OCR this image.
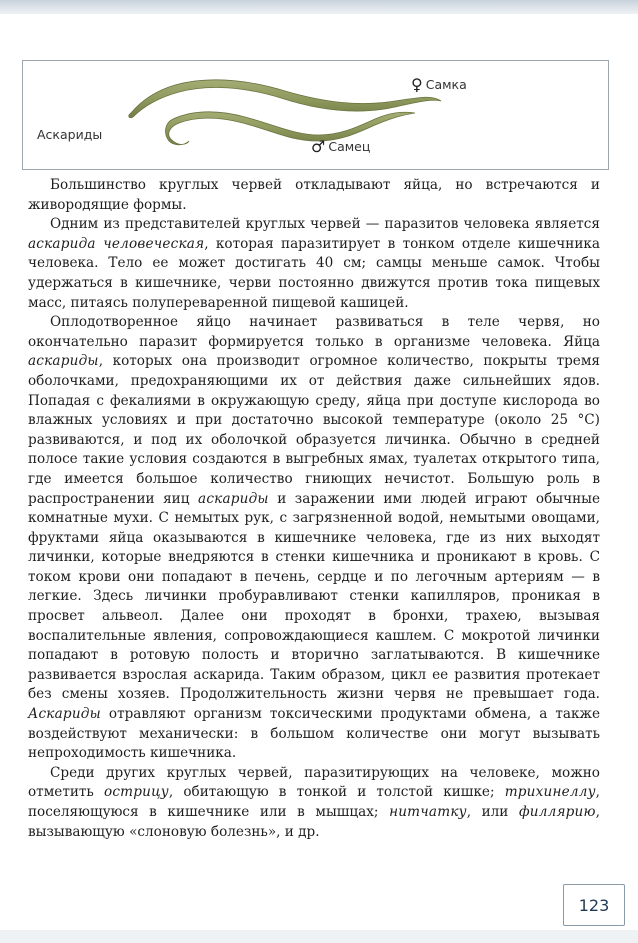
Аскариды
♀ Самка
♂ Самец

Большинство круглых червей откладывают яйца, но встречаются и живородящие формы.

Одним из представителей круглых червей — паразитов человека является аскарида человеческая, которая паразитирует в тонком отделе кишечника человека. Тело ее может достигать 40 см; самцы меньше самок. Чтобы удержаться в кишечнике, черви постоянно движутся против тока пищевых масс, питаясь полупереваренной пищевой кашицей.

Оплодотворенное яйцо начинает развиваться в теле червя, но окончательно паразит формируется только в организме человека. Яйца аскариды, которых она производит огромное количество, покрыты тремя оболочками, предохраняющими их от действия даже сильнейших ядов. Попадая с фекалиями в окружающую среду, яйца при доступе кислорода во влажных условиях и при достаточно высокой температуре (около 25 °С) развиваются, и под их оболочкой образуется личинка. Обычно в средней полосе такие условия создаются в выгребных ямах, туалетах открытого типа, где имеется большое количество гниющих нечистот. Большую роль в распространении яиц аскариды и заражении ими людей играют обычные комнатные мухи. С немытых рук, с загрязненной водой, немытыми овощами, фруктами яйца оказываются в кишечнике человека, где из них выходят личинки, которые внедряются в стенки кишечника и проникают в кровь. С током крови они попадают в печень, сердце и по легочным артериям — в легкие. Здесь личинки пробуравливают стенки капилляров, проникая в просвет альвеол. Далее они проходят в бронхи, трахею, вызывая воспалительные явления, сопровождающиеся кашлем. С мокротой личинки попадают в ротовую полость и вторично заглатываются. В кишечнике развивается взрослая аскарида. Таким образом, цикл ее развития протекает без смены хозяев. Продолжительность жизни червя не превышает года. Аскариды отравляют организм токсическими продуктами обмена, а также воздействуют механически: в большом количестве они могут вызывать непроходимость кишечника.

Среди других круглых червей, паразитирующих на человеке, можно отметить острицу, обитающую в тонкой и толстой кишке; трихинеллу, поселяющуюся в кишечнике или в мышцах; нитчатку, или филлярию, вызывающую «слоновую болезнь», и др.

123
